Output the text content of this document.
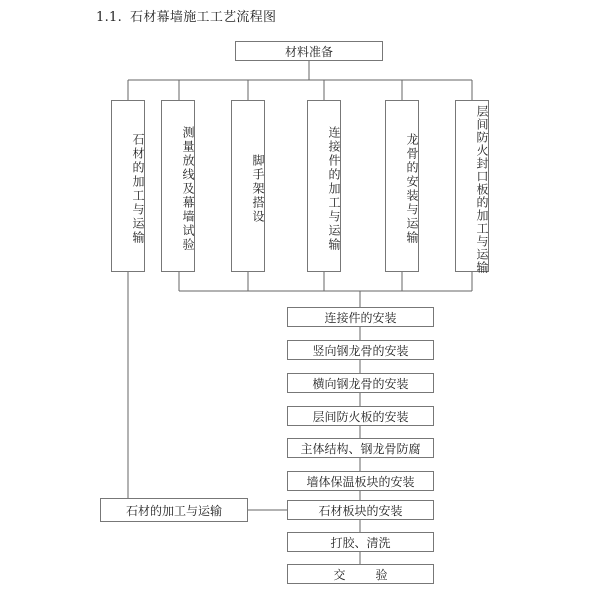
1.1. 石材幕墙施工工艺流程图
材料准备
石材的加工与运输	测量放线及幕墙试验	脚手架搭设	连接件的加工与运输	龙骨的安装与运输	层间防火封口板的加工与运输
石材的加工与运输
连接件的安装
竖向钢龙骨的安装
横向钢龙骨的安装
层间防火板的安装
主体结构、钢龙骨防腐
墙体保温板块的安装
石材板块的安装
打胶、清洗
交验
